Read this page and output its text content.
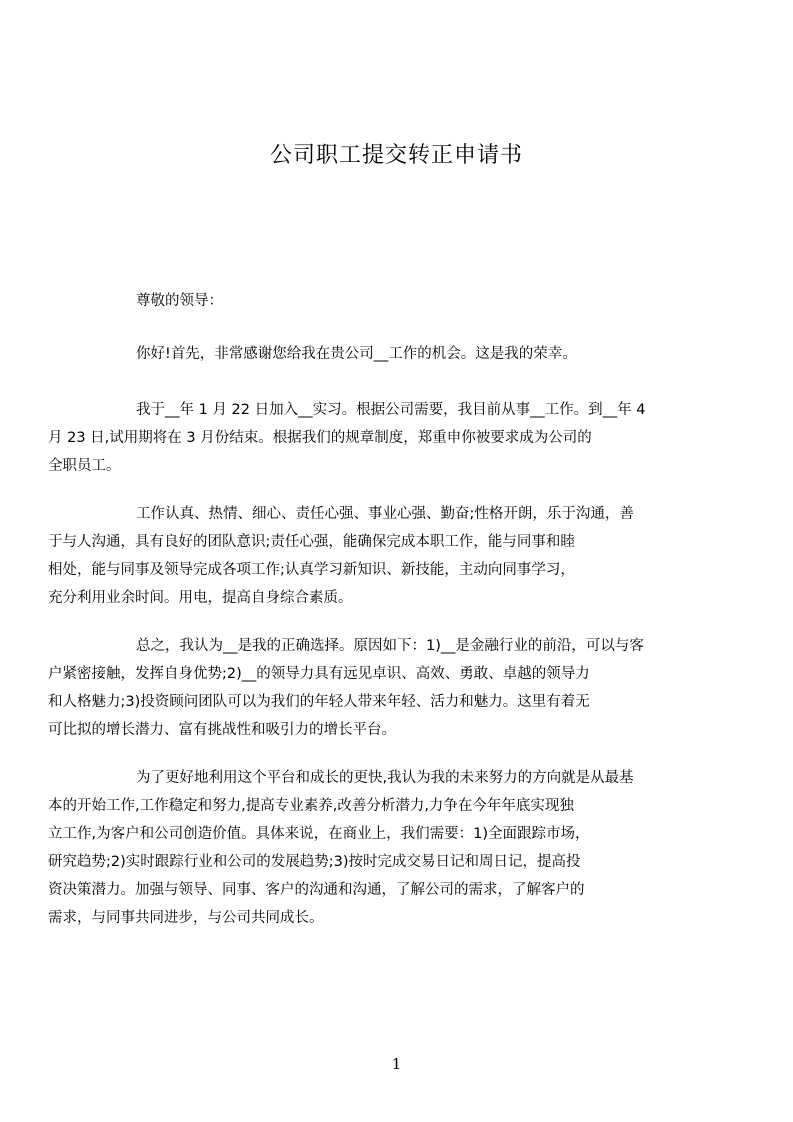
公司职工提交转正申请书
尊敬的领导：
你好!首先，非常感谢您给我在贵公司__工作的机会。这是我的荣幸。
我于__年 1 月 22 日加入__实习。根据公司需要，我目前从事__工作。到__年 4
月 23 日,试用期将在 3 月份结束。根据我们的规章制度，郑重申你被要求成为公司的
全职员工。
工作认真、热情、细心、责任心强、事业心强、勤奋;性格开朗，乐于沟通，善
于与人沟通，具有良好的团队意识;责任心强，能确保完成本职工作，能与同事和睦
相处，能与同事及领导完成各项工作;认真学习新知识、新技能，主动向同事学习，
充分利用业余时间。用电，提高自身综合素质。
总之，我认为__是我的正确选择。原因如下：1)__是金融行业的前沿，可以与客
户紧密接触，发挥自身优势;2)__的领导力具有远见卓识、高效、勇敢、卓越的领导力
和人格魅力;3)投资顾问团队可以为我们的年轻人带来年轻、活力和魅力。这里有着无
可比拟的增长潜力、富有挑战性和吸引力的增长平台。
为了更好地利用这个平台和成长的更快,我认为我的未来努力的方向就是从最基
本的开始工作,工作稳定和努力,提高专业素养,改善分析潜力,力争在今年年底实现独
立工作,为客户和公司创造价值。具体来说，在商业上，我们需要：1)全面跟踪市场，
研究趋势;2)实时跟踪行业和公司的发展趋势;3)按时完成交易日记和周日记，提高投
资决策潜力。加强与领导、同事、客户的沟通和沟通，了解公司的需求，了解客户的
需求，与同事共同进步，与公司共同成长。
1
